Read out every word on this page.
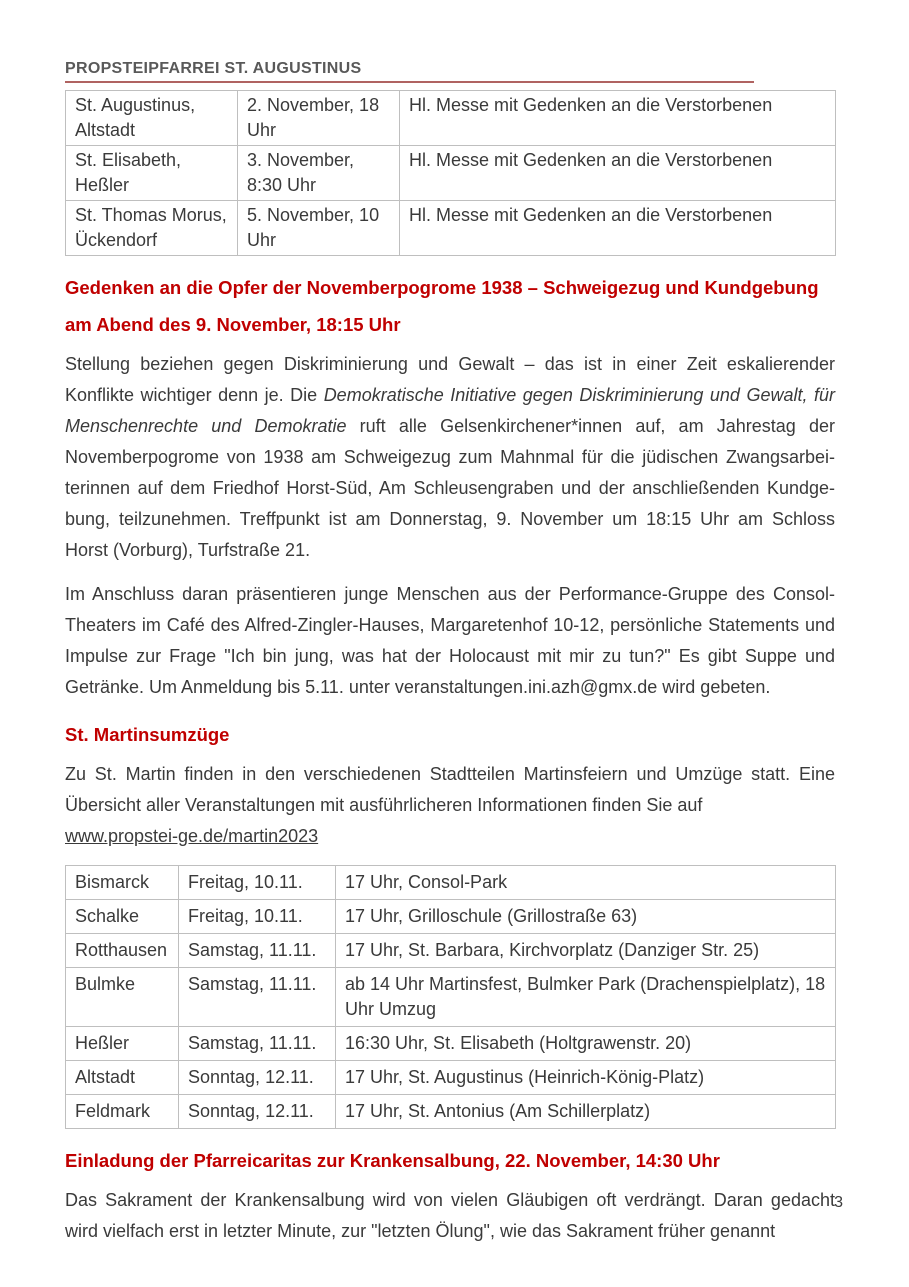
PROPSTEIPFARREI ST. AUGUSTINUS
St. Augustinus, Altstadt	2. November, 18 Uhr	Hl. Messe mit Gedenken an die Verstorbenen
St. Elisabeth, Heßler	3. November, 8:30 Uhr	Hl. Messe mit Gedenken an die Verstorbenen
St. Thomas Morus, Ückendorf	5. November, 10 Uhr	Hl. Messe mit Gedenken an die Verstorbenen
Gedenken an die Opfer der Novemberpogrome 1938 – Schweigezug und Kundgebung am Abend des 9. November, 18:15 Uhr

Stellung beziehen gegen Diskriminierung und Gewalt – das ist in einer Zeit eskalierender Konflikte wichtiger denn je. Die Demokratische Initiative gegen Diskriminierung und Gewalt, für Menschenrechte und Demokratie ruft alle Gelsenkirchener*innen auf, am Jahrestag der Novemberpogrome von 1938 am Schweigezug zum Mahnmal für die jüdischen Zwangsarbeiterinnen auf dem Friedhof Horst-Süd, Am Schleusengraben und der anschließenden Kundgebung, teilzunehmen. Treffpunkt ist am Donnerstag, 9. November um 18:15 Uhr am Schloss Horst (Vorburg), Turfstraße 21.

Im Anschluss daran präsentieren junge Menschen aus der Performance-Gruppe des Consol-Theaters im Café des Alfred-Zingler-Hauses, Margaretenhof 10-12, persönliche Statements und Impulse zur Frage "Ich bin jung, was hat der Holocaust mit mir zu tun?" Es gibt Suppe und Getränke. Um Anmeldung bis 5.11. unter veranstaltungen.ini.azh@gmx.de wird gebeten.

St. Martinsumzüge

Zu St. Martin finden in den verschiedenen Stadtteilen Martinsfeiern und Umzüge statt. Eine Übersicht aller Veranstaltungen mit ausführlicheren Informationen finden Sie auf

www.propstei-ge.de/martin2023
Bismarck	Freitag, 10.11.	17 Uhr, Consol-Park
Schalke	Freitag, 10.11.	17 Uhr, Grilloschule (Grillostraße 63)
Rotthausen	Samstag, 11.11.	17 Uhr, St. Barbara, Kirchvorplatz (Danziger Str. 25)
Bulmke	Samstag, 11.11.	ab 14 Uhr Martinsfest, Bulmker Park (Drachenspielplatz), 18 Uhr Umzug
Heßler	Samstag, 11.11.	16:30 Uhr, St. Elisabeth (Holtgrawenstr. 20)
Altstadt	Sonntag, 12.11.	17 Uhr, St. Augustinus (Heinrich-König-Platz)
Feldmark	Sonntag, 12.11.	17 Uhr, St. Antonius (Am Schillerplatz)
Einladung der Pfarreicaritas zur Krankensalbung, 22. November, 14:30 Uhr

Das Sakrament der Krankensalbung wird von vielen Gläubigen oft verdrängt. Daran gedacht wird vielfach erst in letzter Minute, zur "letzten Ölung", wie das Sakrament früher genannt

3
